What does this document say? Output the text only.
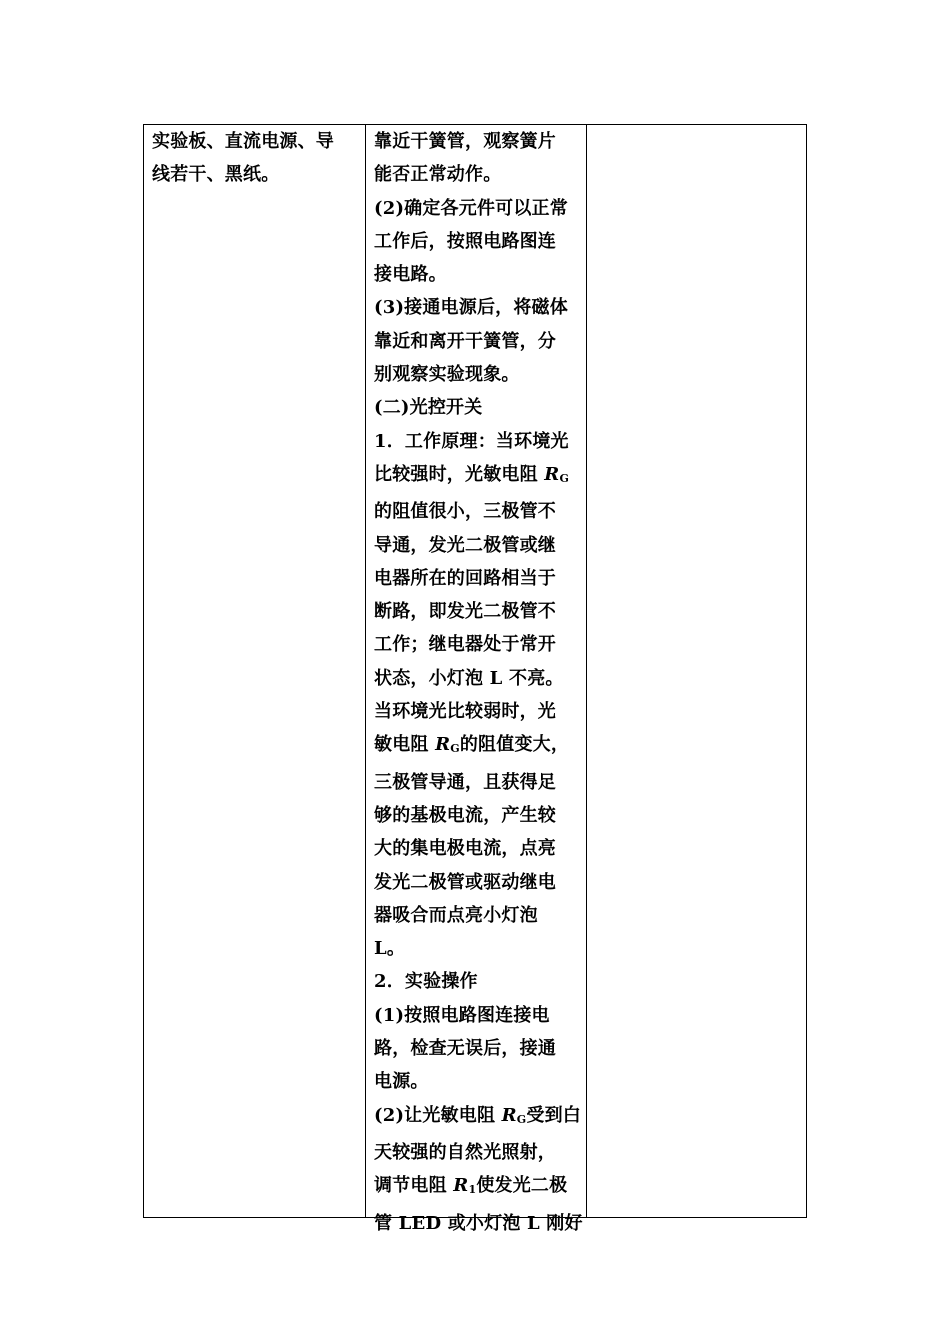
实验板、直流电源、导
线若干、黑纸。
靠近干簧管，观察簧片
能否正常动作。
(2)确定各元件可以正常
工作后，按照电路图连
接电路。
(3)接通电源后，将磁体
靠近和离开干簧管，分
别观察实验现象。
(二)光控开关
1．工作原理：当环境光
比较强时，光敏电阻 RG
的阻值很小，三极管不
导通，发光二极管或继
电器所在的回路相当于
断路，即发光二极管不
工作；继电器处于常开
状态，小灯泡 L 不亮。
当环境光比较弱时，光
敏电阻 RG的阻值变大，
三极管导通，且获得足
够的基极电流，产生较
大的集电极电流，点亮
发光二极管或驱动继电
器吸合而点亮小灯泡
L。
2．实验操作
(1)按照电路图连接电
路，检查无误后，接通
电源。
(2)让光敏电阻 RG受到白
天较强的自然光照射，
调节电阻 R1使发光二极
管 LED 或小灯泡 L 刚好
